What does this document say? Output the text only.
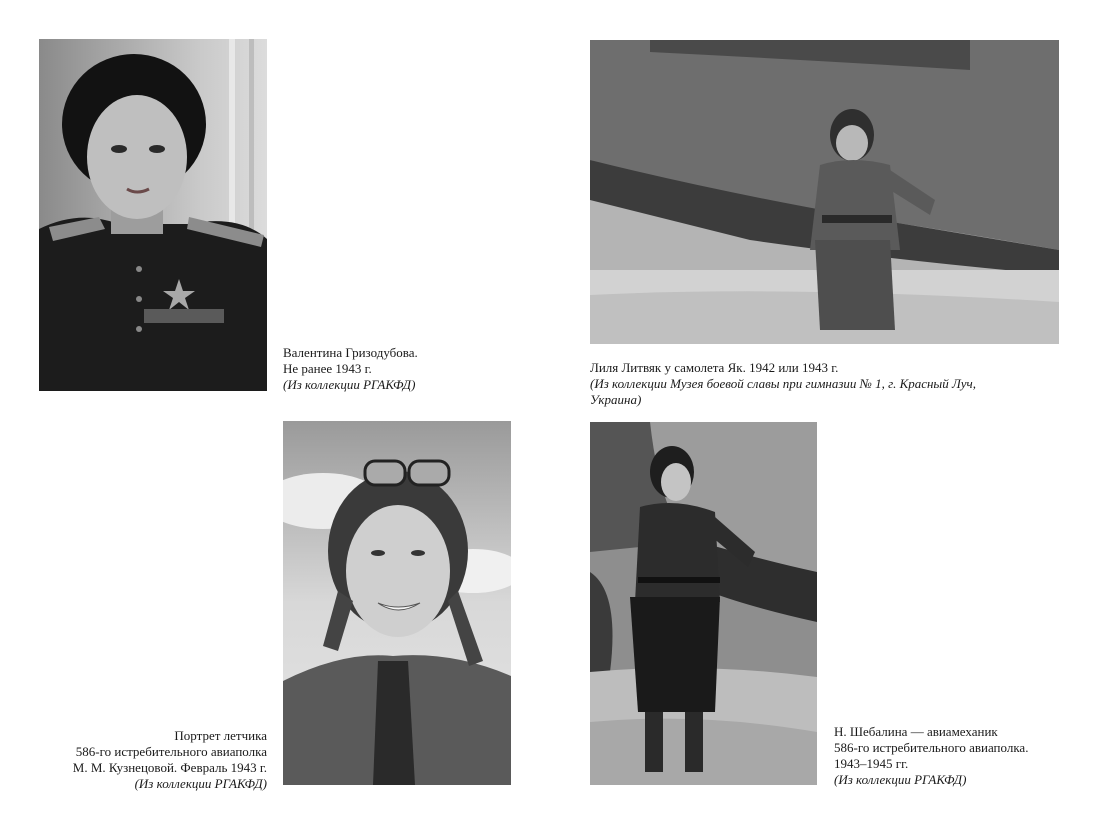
Валентина Гризодубова.
Не ранее 1943 г.
(Из коллекции РГАКФД)
Лиля Литвяк у самолета Як. 1942 или 1943 г.
(Из коллекции Музея боевой славы при гимназии № 1, г. Красный Луч,
Украина)
Портрет летчика
586-го истребительного авиаполка
М. М. Кузнецовой. Февраль 1943 г.
(Из коллекции РГАКФД)
Н. Шебалина — авиамеханик
586-го истребительного авиаполка.
1943–1945 гг.
(Из коллекции РГАКФД)
